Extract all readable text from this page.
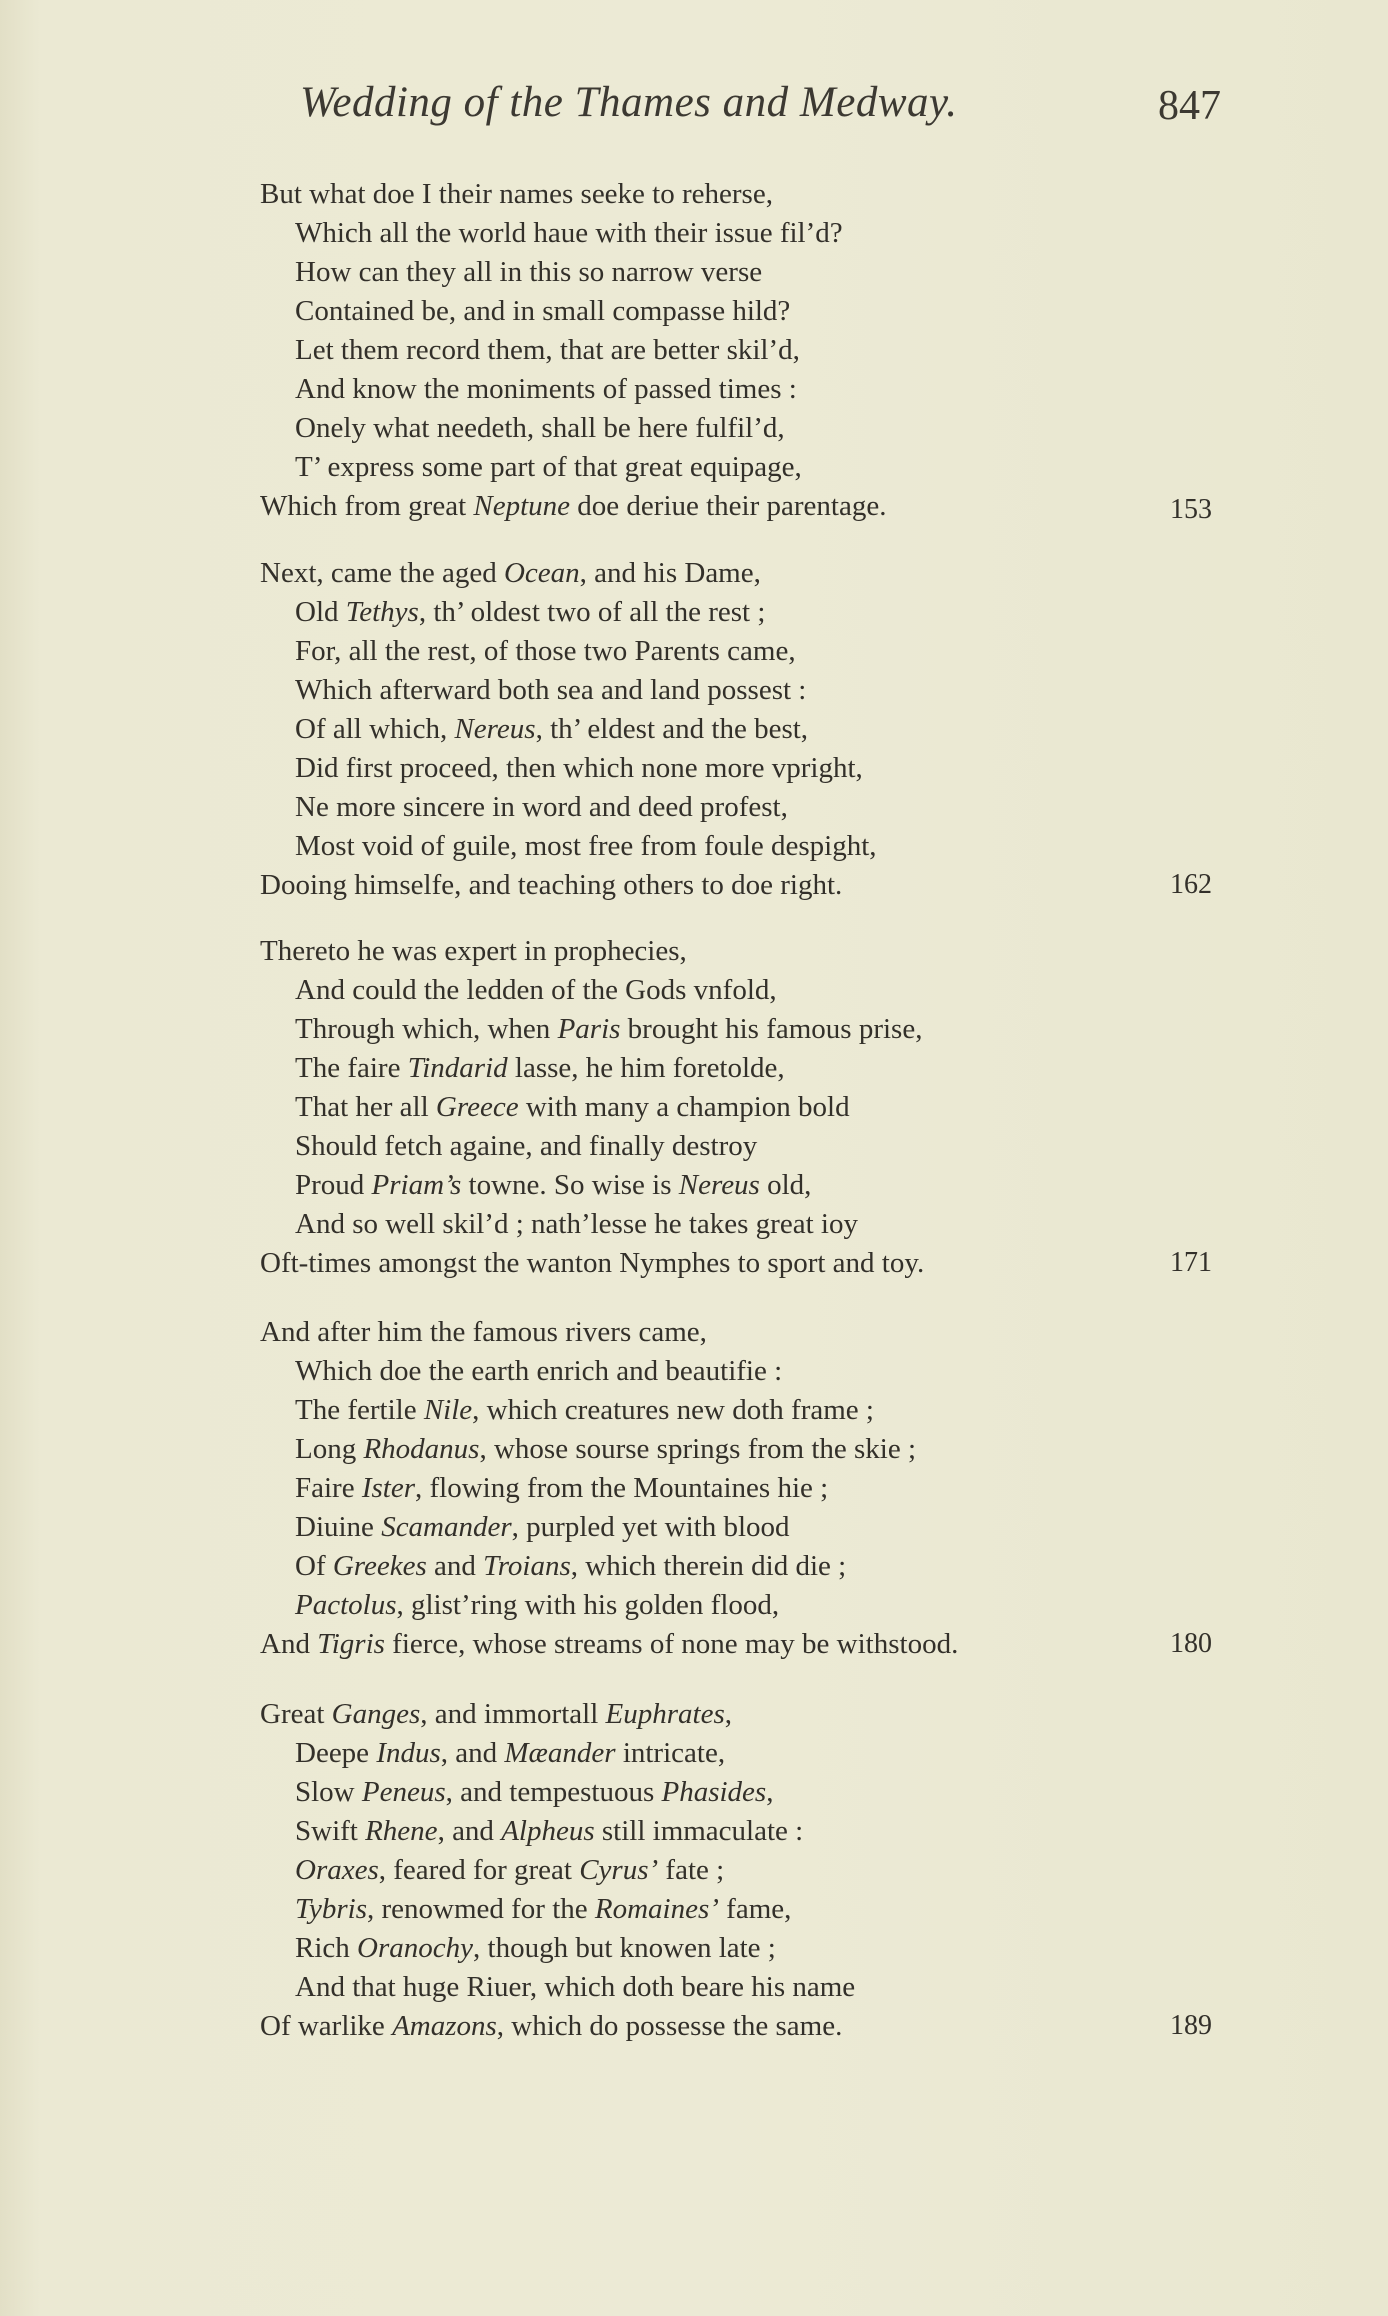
Wedding of the Thames and Medway.	847
But what doe I their names seeke to reherse,
Which all the world haue with their issue fil’d?
How can they all in this so narrow verse
Contained be, and in small compasse hild?
Let them record them, that are better skil’d,
And know the moniments of passed times :
Onely what needeth, shall be here fulfil’d,
T’ express some part of that great equipage,
Which from great Neptune doe deriue their parentage.	153
Next, came the aged Ocean, and his Dame,
Old Tethys, th’ oldest two of all the rest ;
For, all the rest, of those two Parents came,
Which afterward both sea and land possest :
Of all which, Nereus, th’ eldest and the best,
Did first proceed, then which none more vpright,
Ne more sincere in word and deed profest,
Most void of guile, most free from foule despight,
Dooing himselfe, and teaching others to doe right.	162
Thereto he was expert in prophecies,
And could the ledden of the Gods vnfold,
Through which, when Paris brought his famous prise,
The faire Tindarid lasse, he him foretolde,
That her all Greece with many a champion bold
Should fetch againe, and finally destroy
Proud Priam’s towne. So wise is Nereus old,
And so well skil’d ; nath’lesse he takes great ioy
Oft-times amongst the wanton Nymphes to sport and toy.	171
And after him the famous rivers came,
Which doe the earth enrich and beautifie :
The fertile Nile, which creatures new doth frame ;
Long Rhodanus, whose sourse springs from the skie ;
Faire Ister, flowing from the Mountaines hie ;
Diuine Scamander, purpled yet with blood
Of Greekes and Troians, which therein did die ;
Pactolus, glist’ring with his golden flood,
And Tigris fierce, whose streams of none may be withstood.	180
Great Ganges, and immortall Euphrates,
Deepe Indus, and Mæander intricate,
Slow Peneus, and tempestuous Phasides,
Swift Rhene, and Alpheus still immaculate :
Oraxes, feared for great Cyrus’ fate ;
Tybris, renowmed for the Romaines’ fame,
Rich Oranochy, though but knowen late ;
And that huge Riuer, which doth beare his name
Of warlike Amazons, which do possesse the same.	189
